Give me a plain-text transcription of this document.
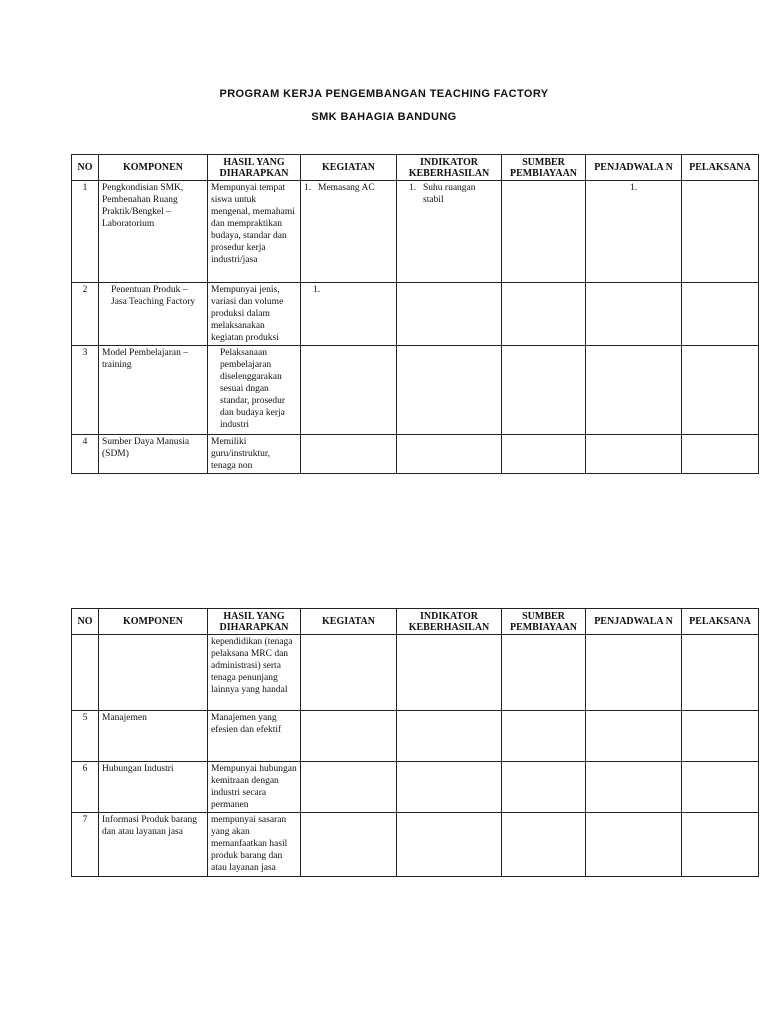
PROGRAM KERJA PENGEMBANGAN TEACHING FACTORY
SMK BAHAGIA BANDUNG
NO	KOMPONEN	HASIL YANG DIHARAPKAN	KEGIATAN	INDIKATOR KEBERHASILAN	SUMBER PEMBIAYAAN	PENJADWALA N	PELAKSANA
1	Pengkondisian SMK, Pembenahan Ruang Praktik/Bengkel – Laboratorium	Mempunyai tempat siswa untuk mengenal, memahami dan mempraktikan budaya, standar dan prosedur kerja industri/jasa	1. Memasang AC	1. Suhu ruangan stabil		1.	
2	Penentuan Produk – Jasa Teaching Factory	Mempunyai jenis, variasi dan volume produksi dalam melaksanakan kegiatan produksi	1.				
3	Model Pembelajaran – training	Pelaksanaan pembelajaran diselenggarakan sesuai dngan standar, prosedur dan budaya kerja industri					
4	Sumber Daya Manusia (SDM)	Memiliki guru/instruktur, tenaga non					
NO	KOMPONEN	HASIL YANG DIHARAPKAN	KEGIATAN	INDIKATOR KEBERHASILAN	SUMBER PEMBIAYAAN	PENJADWALA N	PELAKSANA
		kependidikan (tenaga pelaksana MRC dan administrasi) serta tenaga penunjang lainnya yang handal					
5	Manajemen	Manajemen yang efesien dan efektif					
6	Hubungan Industri	Mempunyai hubungan kemitraan dengan industri secara permanen					
7	Informasi Produk barang dan atau layanan jasa	mempunyai sasaran yang akan memanfaatkan hasil produk barang dan atau layanan jasa					
